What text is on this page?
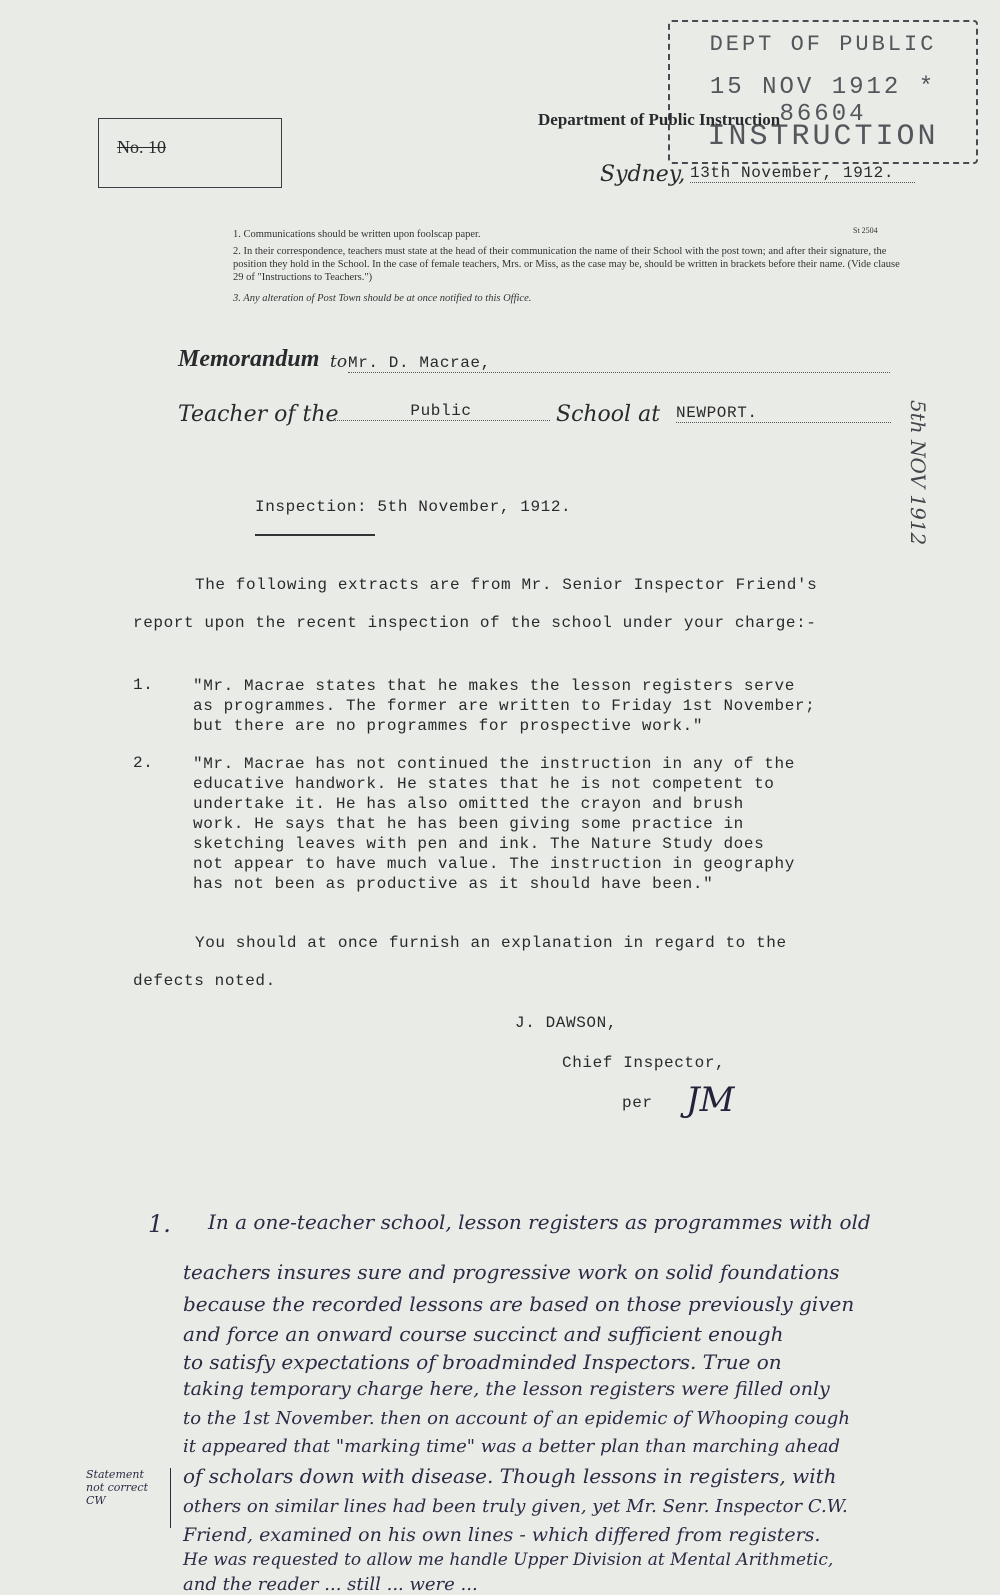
DEPT OF PUBLIC
15 NOV 1912 * 86604
INSTRUCTION
Department of Public Instruction
Sydney, 13th November, 1912.
No. 10
St 2504
1. Communications should be written upon foolscap paper.
2. In their correspondence, teachers must state at the head of their communication the name of their School with the post town; and after their signature, the position they hold in the School. In the case of female teachers, Mrs. or Miss, as the case may be, should be written in brackets before their name. (Vide clause 29 of "Instructions to Teachers.")
3. Any alteration of Post Town should be at once notified to this Office.
5th NOV 1912
Memorandum to Mr. D. Macrae,
Teacher of the	Public	School at NEWPORT.
Inspection: 5th November, 1912.
The following extracts are from Mr. Senior Inspector Friend's
report upon the recent inspection of the school under your charge:-
1. "Mr. Macrae states that he makes the lesson registers serve
as programmes. The former are written to Friday 1st November;
but there are no programmes for prospective work."
2. "Mr. Macrae has not continued the instruction in any of the
educative handwork. He states that he is not competent to
undertake it. He has also omitted the crayon and brush
work. He says that he has been giving some practice in
sketching leaves with pen and ink. The Nature Study does
not appear to have much value. The instruction in geography
has not been as productive as it should have been."
You should at once furnish an explanation in regard to the
defects noted.
J. DAWSON,
Chief Inspector,
per JM
1. In a one-teacher school, lesson registers as programmes with old
teachers insures sure and progressive work on solid foundations
because the recorded lessons are based on those previously given
and force an onward course succinct and sufficient enough
to satisfy expectations of broadminded Inspectors. True on
taking temporary charge here, the lesson registers were filled only
to the 1st November. then on account of an epidemic of Whooping cough
it appeared that "marking time" was a better plan than marching ahead
of scholars down with disease. Though lessons in registers, with
others on similar lines had been truly given, yet Mr. Senr. Inspector C.W.
Friend, examined on his own lines - which differed from registers.
He was requested to allow me handle Upper Division at Mental Arithmetic,
and the reader ... still ... were ...
Statement
not correct
CW
